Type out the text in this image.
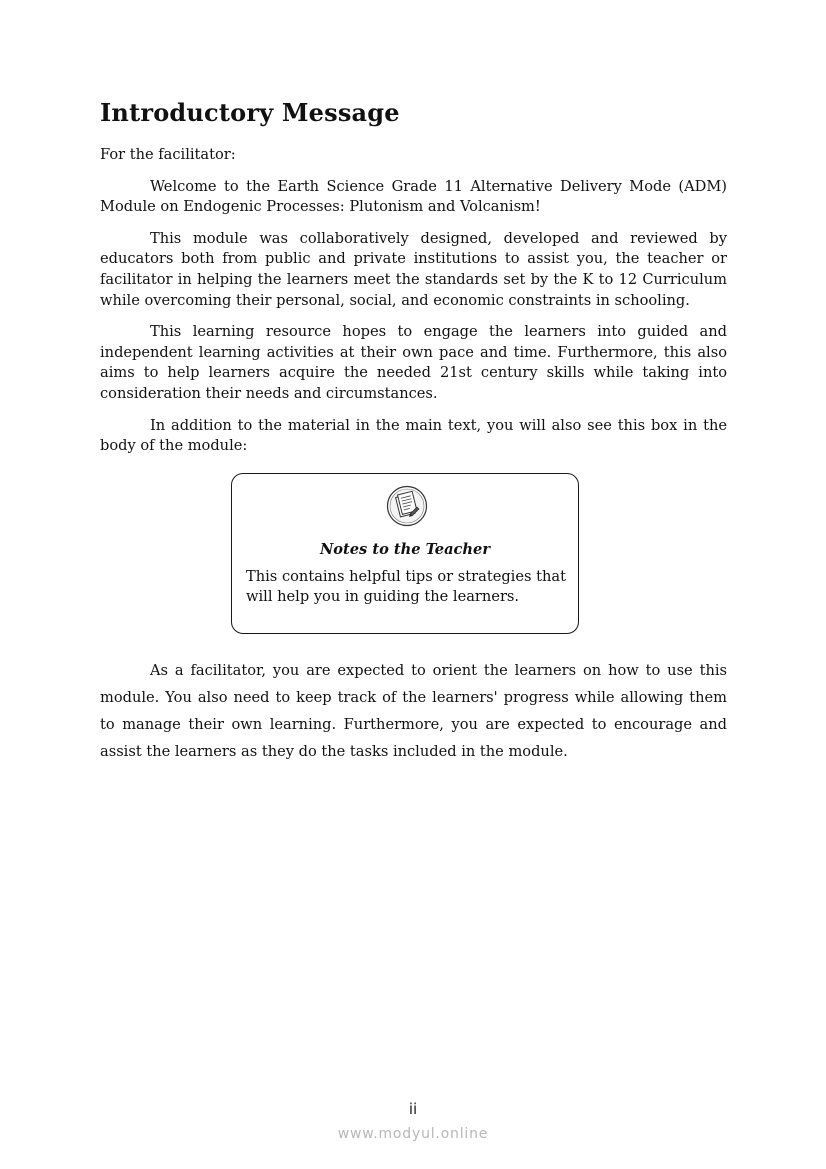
Introductory Message

For the facilitator:

Welcome to the Earth Science Grade 11 Alternative Delivery Mode (ADM) Module on Endogenic Processes: Plutonism and Volcanism!

This module was collaboratively designed, developed and reviewed by educators both from public and private institutions to assist you, the teacher or facilitator in helping the learners meet the standards set by the K to 12 Curriculum while overcoming their personal, social, and economic constraints in schooling.

This learning resource hopes to engage the learners into guided and independent learning activities at their own pace and time. Furthermore, this also aims to help learners acquire the needed 21st century skills while taking into consideration their needs and circumstances.

In addition to the material in the main text, you will also see this box in the body of the module:

Notes to the Teacher

This contains helpful tips or strategies that will help you in guiding the learners.

As a facilitator, you are expected to orient the learners on how to use this module. You also need to keep track of the learners' progress while allowing them to manage their own learning. Furthermore, you are expected to encourage and assist the learners as they do the tasks included in the module.

ii
www.modyul.online
